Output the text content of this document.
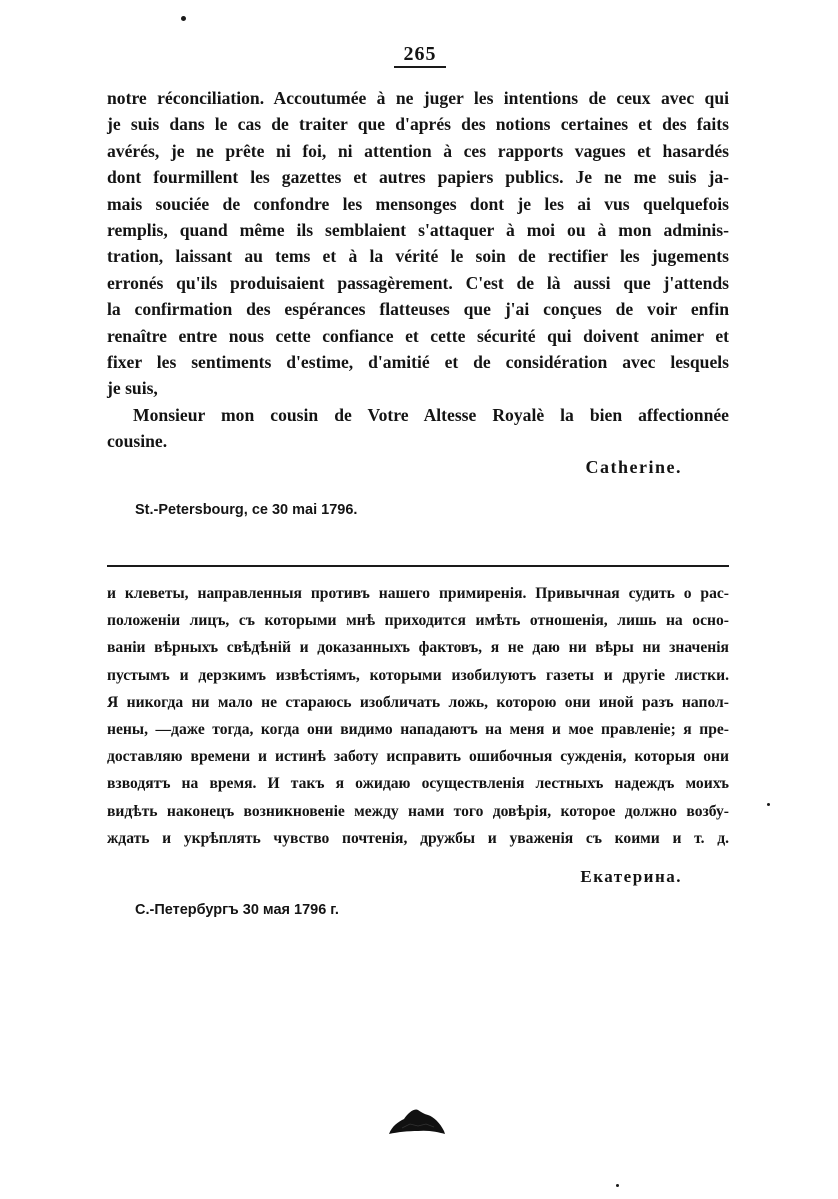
265
notre réconciliation. Accoutumée à ne juger les intentions de ceux avec qui
je suis dans le cas de traiter que d'aprés des notions certaines et des faits
avérés, je ne prête ni foi, ni attention à ces rapports vagues et hasardés
dont fourmillent les gazettes et autres papiers publics. Je ne me suis ja-
mais souciée de confondre les mensonges dont je les ai vus quelquefois
remplis, quand même ils semblaient s'attaquer à moi ou à mon adminis-
tration, laissant au tems et à la vérité le soin de rectifier les jugements
erronés qu'ils produisaient passagèrement. C'est de là aussi que j'attends
la confirmation des espérances flatteuses que j'ai conçues de voir enfin
renaître entre nous cette confiance et cette sécurité qui doivent animer et
fixer les sentiments d'estime, d'amitié et de considération avec lesquels
je suis,
Monsieur mon cousin de Votre Altesse Royalè la bien affectionnée
cousine.
Catherine.
St.-Petersbourg, ce 30 mai 1796.
и клеветы, направленныя противъ нашего примиренія. Привычная судить о рас-
положеніи лицъ, съ которыми мнѣ приходится имѣть отношенія, лишь на осно-
ваніи вѣрныхъ свѣдѣній и доказанныхъ фактовъ, я не даю ни вѣры ни значенія
пустымъ и дерзкимъ извѣстіямъ, которыми изобилуютъ газеты и другіе листки.
Я никогда ни мало не стараюсь изобличать ложь, которою они иной разъ напол-
нены, —даже тогда, когда они видимо нападаютъ на меня и мое правленіе; я пре-
доставляю времени и истинѣ заботу исправить ошибочныя сужденія, которыя они
взводятъ на время. И такъ я ожидаю осуществленія лестныхъ надеждъ моихъ
видѣть наконецъ возникновеніе между нами того довѣрія, которое должно возбу-
ждать и укрѣплять чувство почтенія, дружбы и уваженія съ коими и т. д.
Екатерина.
С.-Петербургъ 30 мая 1796 г.
